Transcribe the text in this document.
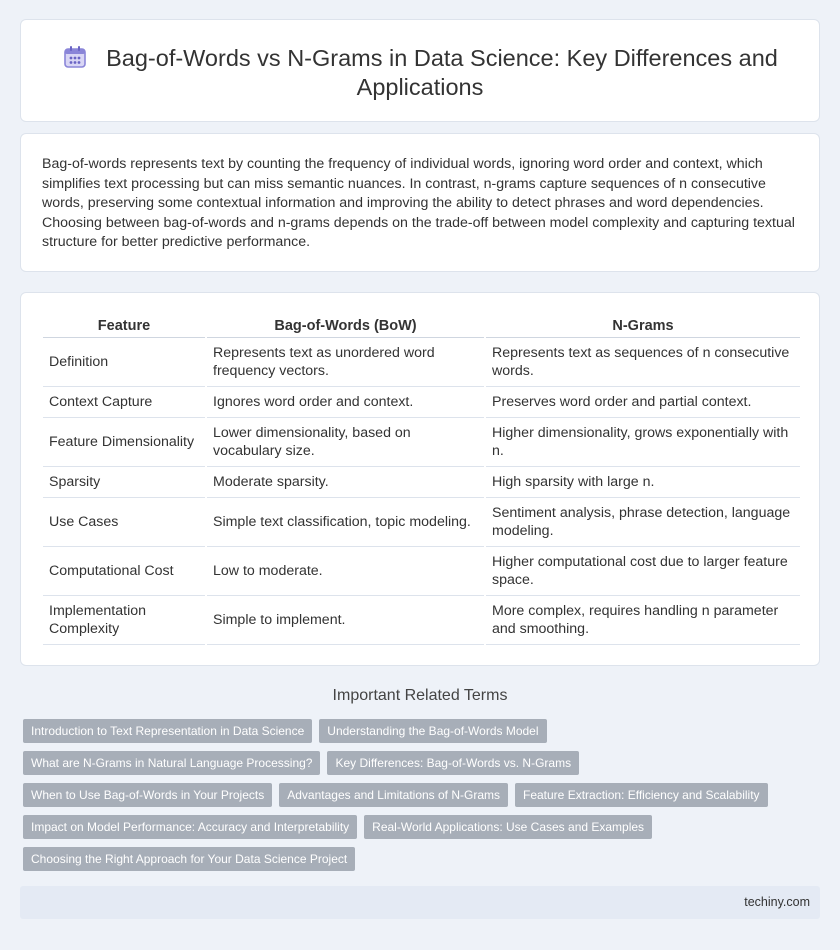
Bag-of-Words vs N-Grams in Data Science: Key Differences and Applications

Bag-of-words represents text by counting the frequency of individual words, ignoring word order and context, which simplifies text processing but can miss semantic nuances. In contrast, n-grams capture sequences of n consecutive words, preserving some contextual information and improving the ability to detect phrases and word dependencies. Choosing between bag-of-words and n-grams depends on the trade-off between model complexity and capturing textual structure for better predictive performance.

Feature	Bag-of-Words (BoW)	N-Grams
Definition	Represents text as unordered word frequency vectors.	Represents text as sequences of n consecutive words.
Context Capture	Ignores word order and context.	Preserves word order and partial context.
Feature Dimensionality	Lower dimensionality, based on vocabulary size.	Higher dimensionality, grows exponentially with n.
Sparsity	Moderate sparsity.	High sparsity with large n.
Use Cases	Simple text classification, topic modeling.	Sentiment analysis, phrase detection, language modeling.
Computational Cost	Low to moderate.	Higher computational cost due to larger feature space.
Implementation Complexity	Simple to implement.	More complex, requires handling n parameter and smoothing.
Important Related Terms
Introduction to Text Representation in Data Science	Understanding the Bag-of-Words Model
What are N-Grams in Natural Language Processing?	Key Differences: Bag-of-Words vs. N-Grams
When to Use Bag-of-Words in Your Projects	Advantages and Limitations of N-Grams	Feature Extraction: Efficiency and Scalability
Impact on Model Performance: Accuracy and Interpretability	Real-World Applications: Use Cases and Examples
Choosing the Right Approach for Your Data Science Project
techiny.com
